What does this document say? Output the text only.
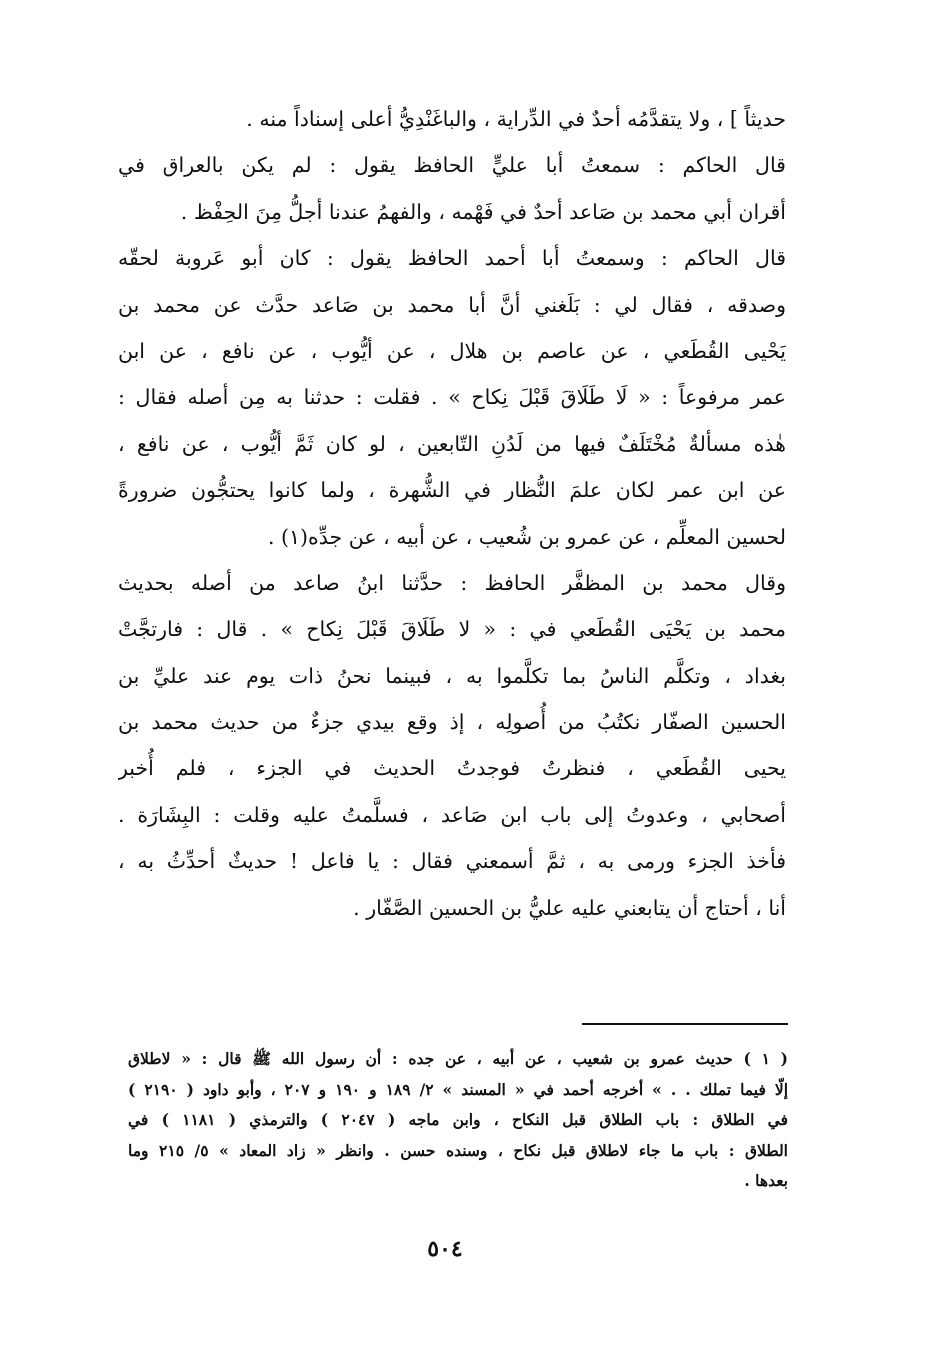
حديثاً ] ، ولا يتقدَّمُه أحدٌ في الدِّراية ، والباغَنْدِيُّ أعلى إسناداً منه .
قال الحاكم : سمعتُ أبا عليٍّ الحافظ يقول : لم يكن بالعراق في
أقران أبي محمد بن صَاعد أحدٌ في فَهْمه ، والفهمُ عندنا أجلُّ مِنَ الحِفْظ .
قال الحاكم : وسمعتُ أبا أحمد الحافظ يقول : كان أبو عَروبة لحقّه
وصدقه ، فقال لي : بَلَغني أنَّ أبا محمد بن صَاعد حدَّث عن محمد بن
يَحْيى القُطَعي ، عن عاصم بن هلال ، عن أيُّوب ، عن نافع ، عن ابن
عمر مرفوعاً : « لَا طَلَاقَ قَبْلَ نِكاح » . فقلت : حدثنا به مِن أصله فقال :
هٰذه مسألةٌ مُخْتَلَفٌ فيها من لَدُنِ التّابعين ، لو كان ثَمَّ أيُّوب ، عن نافع ،
عن ابن عمر لكان علمَ النُّظار في الشُّهرة ، ولما كانوا يحتجُّون ضرورةً
لحسين المعلِّم ، عن عمرو بن شُعيب ، عن أبيه ، عن جدِّه(١) .
وقال محمد بن المظفَّر الحافظ : حدَّثنا ابنُ صاعد من أصله بحديث
محمد بن يَحْيَى القُطَعي في : « لا طَلَاقَ قَبْلَ نِكاح » . قال : فارتجَّتْ
بغداد ، وتكلَّم الناسُ بما تكلَّموا به ، فبينما نحنُ ذات يوم عند عليِّ بن
الحسين الصفّار نكتُبُ من أُصولِه ، إذ وقع بيدي جزءٌ من حديث محمد بن
يحيى القُطَعي ، فنظرتُ فوجدتُ الحديث في الجزء ، فلم أُخبر
أصحابي ، وعدوتُ إلى باب ابن صَاعد ، فسلَّمتُ عليه وقلت : البِشَارَة .
فأخذ الجزء ورمى به ، ثمَّ أسمعني فقال : يا فاعل ! حديثٌ أحدِّثُ به ،
أنا ، أحتاج أن يتابعني عليه عليُّ بن الحسين الصَّفّار .
( ١ ) حديث عمرو بن شعيب ، عن أبيه ، عن جده : أن رسول الله ﷺ قال : « لاطلاق
إلّا فيما تملك . . » أخرجه أحمد في « المسند » ٢/ ١٨٩ و ١٩٠ و ٢٠٧ ، وأبو داود ( ٢١٩٠ )
في الطلاق : باب الطلاق قبل النكاح ، وابن ماجه ( ٢٠٤٧ ) والترمذي ( ١١٨١ ) في
الطلاق : باب ما جاء لاطلاق قبل نكاح ، وسنده حسن . وانظر « زاد المعاد » ٥/ ٢١٥ وما
بعدها .
٥٠٤
